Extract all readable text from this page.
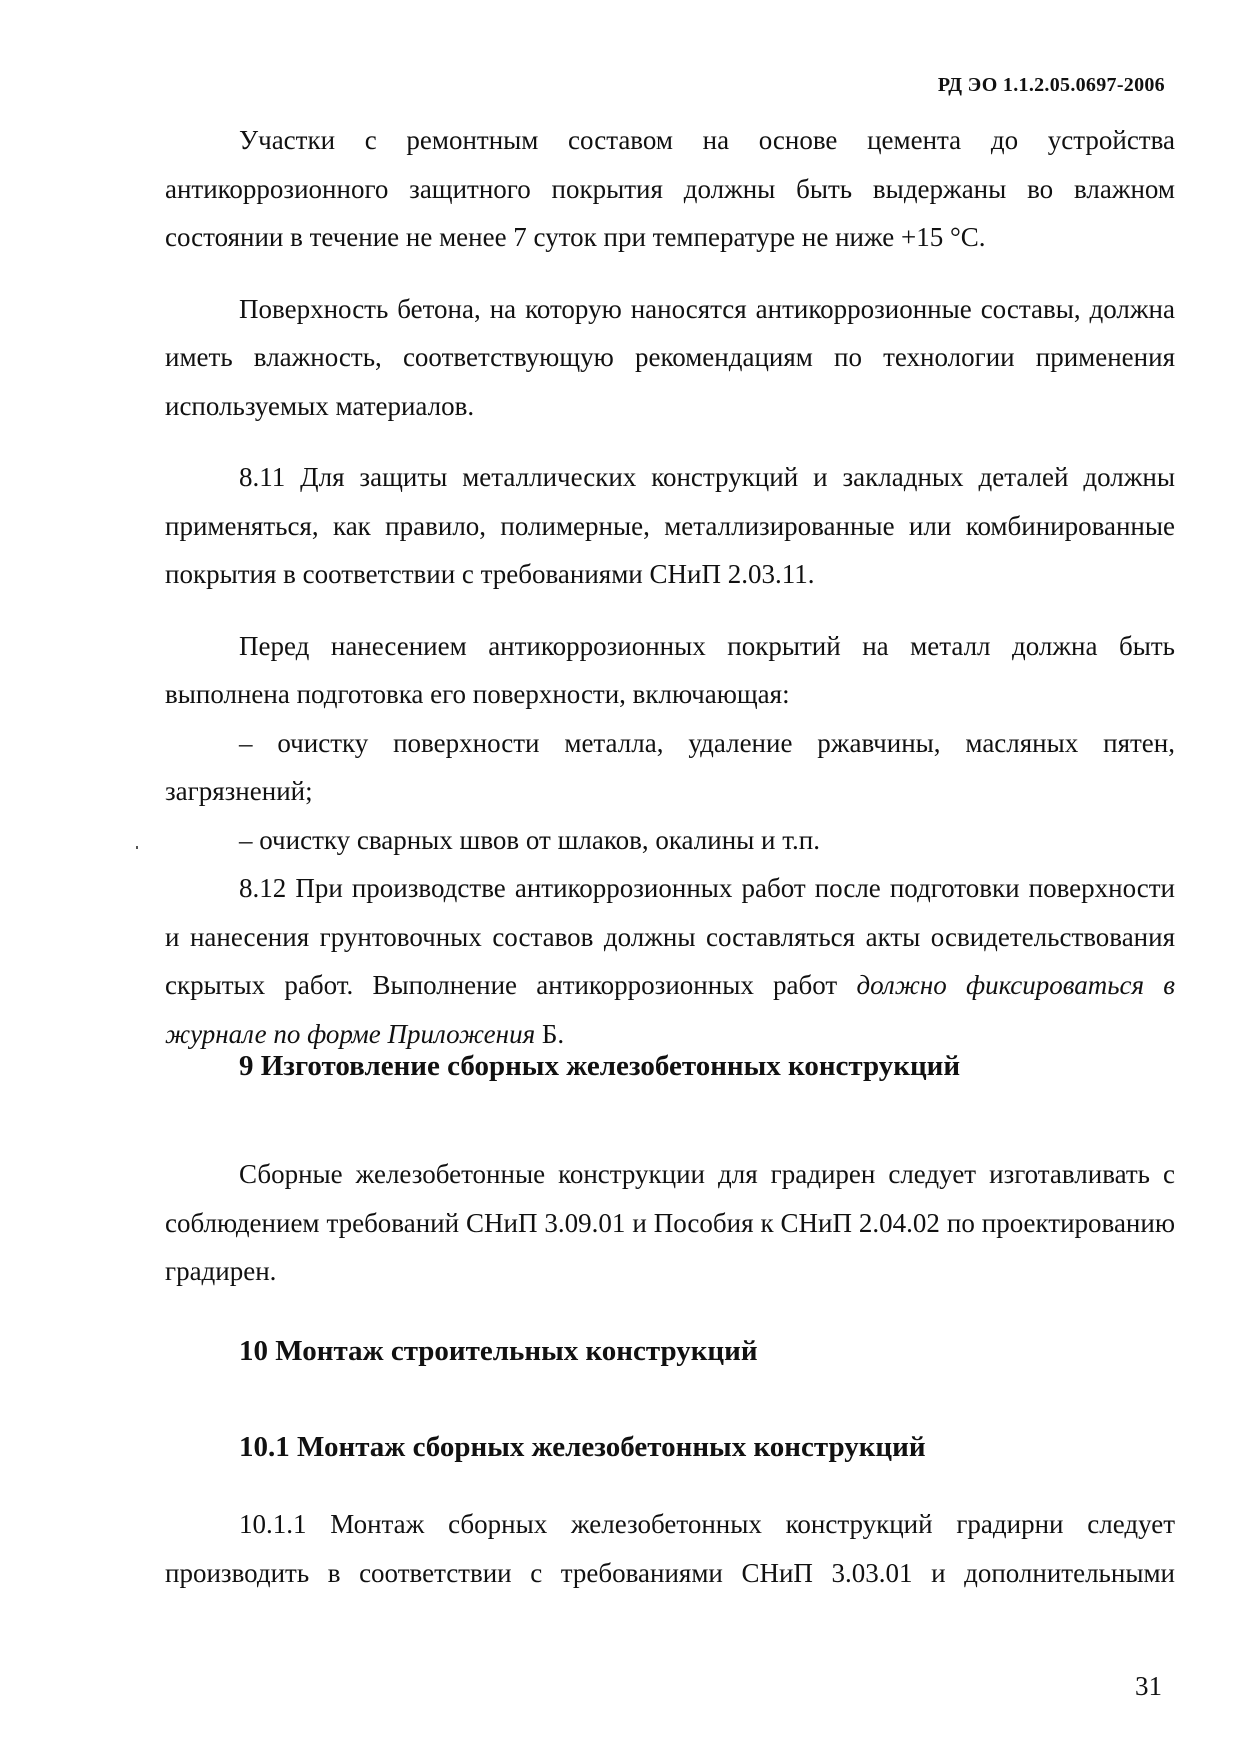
РД ЭО 1.1.2.05.0697-2006

Участки с ремонтным составом на основе цемента до устройства антикоррозионного защитного покрытия должны быть выдержаны во влажном состоянии в течение не менее 7 суток при температуре не ниже +15 °С.

Поверхность бетона, на которую наносятся антикоррозионные составы, должна иметь влажность, соответствующую рекомендациям по технологии применения используемых материалов.

8.11 Для защиты металлических конструкций и закладных деталей должны применяться, как правило, полимерные, металлизированные или комбинированные покрытия в соответствии с требованиями СНиП 2.03.11.

Перед нанесением антикоррозионных покрытий на металл должна быть выполнена подготовка его поверхности, включающая:

– очистку поверхности металла, удаление ржавчины, масляных пятен, загрязнений;

– очистку сварных швов от шлаков, окалины и т.п.

8.12 При производстве антикоррозионных работ после подготовки поверхности и нанесения грунтовочных составов должны составляться акты освидетельствования скрытых работ. Выполнение антикоррозионных работ должно фиксироваться в журнале по форме Приложения Б.

9 Изготовление сборных железобетонных конструкций

Сборные железобетонные конструкции для градирен следует изготавливать с соблюдением требований СНиП 3.09.01 и Пособия к СНиП 2.04.02 по проектированию градирен.

10 Монтаж строительных конструкций
10.1 Монтаж сборных железобетонных конструкций

10.1.1 Монтаж сборных железобетонных конструкций градирни следует производить в соответствии с требованиями СНиП 3.03.01 и дополнительными

31
